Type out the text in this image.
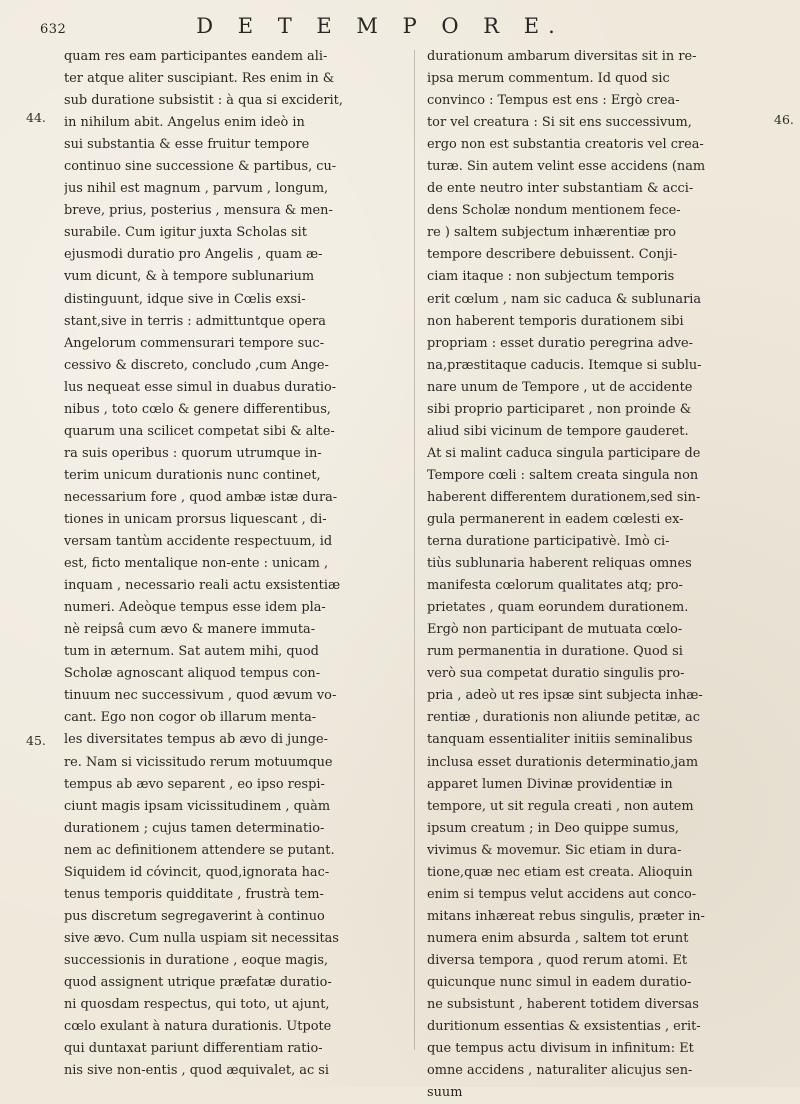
632	D E T E M P O R E.
44.
45.
46.
quam res eam participantes eandem ali-
ter atque aliter suscipiant. Res enim in &
sub duratione subsistit : à qua si exciderit,
in nihilum abit. Angelus enim ideò in
sui substantia & esse fruitur tempore
continuo sine successione & partibus, cu-
jus nihil est magnum , parvum , longum,
breve, prius, posterius , mensura & men-
surabile. Cum igitur juxta Scholas sit
ejusmodi duratio pro Angelis , quam æ-
vum dicunt, & à tempore sublunarium
distinguunt, idque sive in Cœlis exsi-
stant,sive in terris : admittuntque opera
Angelorum commensurari tempore suc-
cessivo & discreto, concludo ,cum Ange-
lus nequeat esse simul in duabus duratio-
nibus , toto cœlo & genere differentibus,
quarum una scilicet competat sibi & alte-
ra suis operibus : quorum utrumque in-
terim unicum durationis nunc continet,
necessarium fore , quod ambæ istæ dura-
tiones in unicam prorsus liquescant , di-
versam tantùm accidente respectuum, id
est, ficto mentalique non-ente : unicam ,
inquam , necessario reali actu exsistentiæ
numeri. Adeòque tempus esse idem pla-
nè reipsâ cum ævo & manere immuta-
tum in æternum. Sat autem mihi, quod
Scholæ agnoscant aliquod tempus con-
tinuum nec successivum , quod ævum vo-
cant. Ego non cogor ob illarum menta-
les diversitates tempus ab ævo di junge-
re. Nam si vicissitudo rerum motuumque
tempus ab ævo separent , eo ipso respi-
ciunt magis ipsam vicissitudinem , quàm
durationem ; cujus tamen determinatio-
nem ac definitionem attendere se putant.
Siquidem id cóvincit, quod,ignorata hac-
tenus temporis quidditate , frustrà tem-
pus discretum segregaverint à continuo
sive ævo. Cum nulla uspiam sit necessitas
successionis in duratione , eoque magis,
quod assignent utrique præfatæ duratio-
ni quosdam respectus, qui toto, ut ajunt,
cœlo exulant à natura durationis. Utpote
qui duntaxat pariunt differentiam ratio-
nis sive non-entis , quod æquivalet, ac si
durationum ambarum diversitas sit in re-
ipsa merum commentum. Id quod sic
convinco : Tempus est ens : Ergò crea-
tor vel creatura : Si sit ens successivum,
ergo non est substantia creatoris vel crea-
turæ. Sin autem velint esse accidens (nam
de ente neutro inter substantiam & acci-
dens Scholæ nondum mentionem fece-
re ) saltem subjectum inhærentiæ pro
tempore describere debuissent. Conji-
ciam itaque : non subjectum temporis
erit cœlum , nam sic caduca & sublunaria
non haberent temporis durationem sibi
propriam : esset duratio peregrina adve-
na,præstitaque caducis. Itemque si sublu-
nare unum de Tempore , ut de accidente
sibi proprio participaret , non proinde &
aliud sibi vicinum de tempore gauderet.
At si malint caduca singula participare de
Tempore cœli : saltem creata singula non
haberent differentem durationem,sed sin-
gula permanerent in eadem cœlesti ex-
terna duratione participativè. Imò ci-
tiùs sublunaria haberent reliquas omnes
manifesta cœlorum qualitates atq; pro-
prietates , quam eorundem durationem.
Ergò non participant de mutuata cœlo-
rum permanentia in duratione. Quod si
verò sua competat duratio singulis pro-
pria , adeò ut res ipsæ sint subjecta inhæ-
rentiæ , durationis non aliunde petitæ, ac
tanquam essentialiter initiis seminalibus
inclusa esset durationis determinatio,jam
apparet lumen Divinæ providentiæ in
tempore, ut sit regula creati , non autem
ipsum creatum ; in Deo quippe sumus,
vivimus & movemur. Sic etiam in dura-
tione,quæ nec etiam est creata. Alioquin
enim si tempus velut accidens aut conco-
mitans inhæreat rebus singulis, præter in-
numera enim absurda , saltem tot erunt
diversa tempora , quod rerum atomi. Et
quicunque nunc simul in eadem duratio-
ne subsistunt , haberent totidem diversas
duritionum essentias & exsistentias , erit-
que tempus actu divisum in infinitum: Et
omne accidens , naturaliter alicujus sen-
suum
